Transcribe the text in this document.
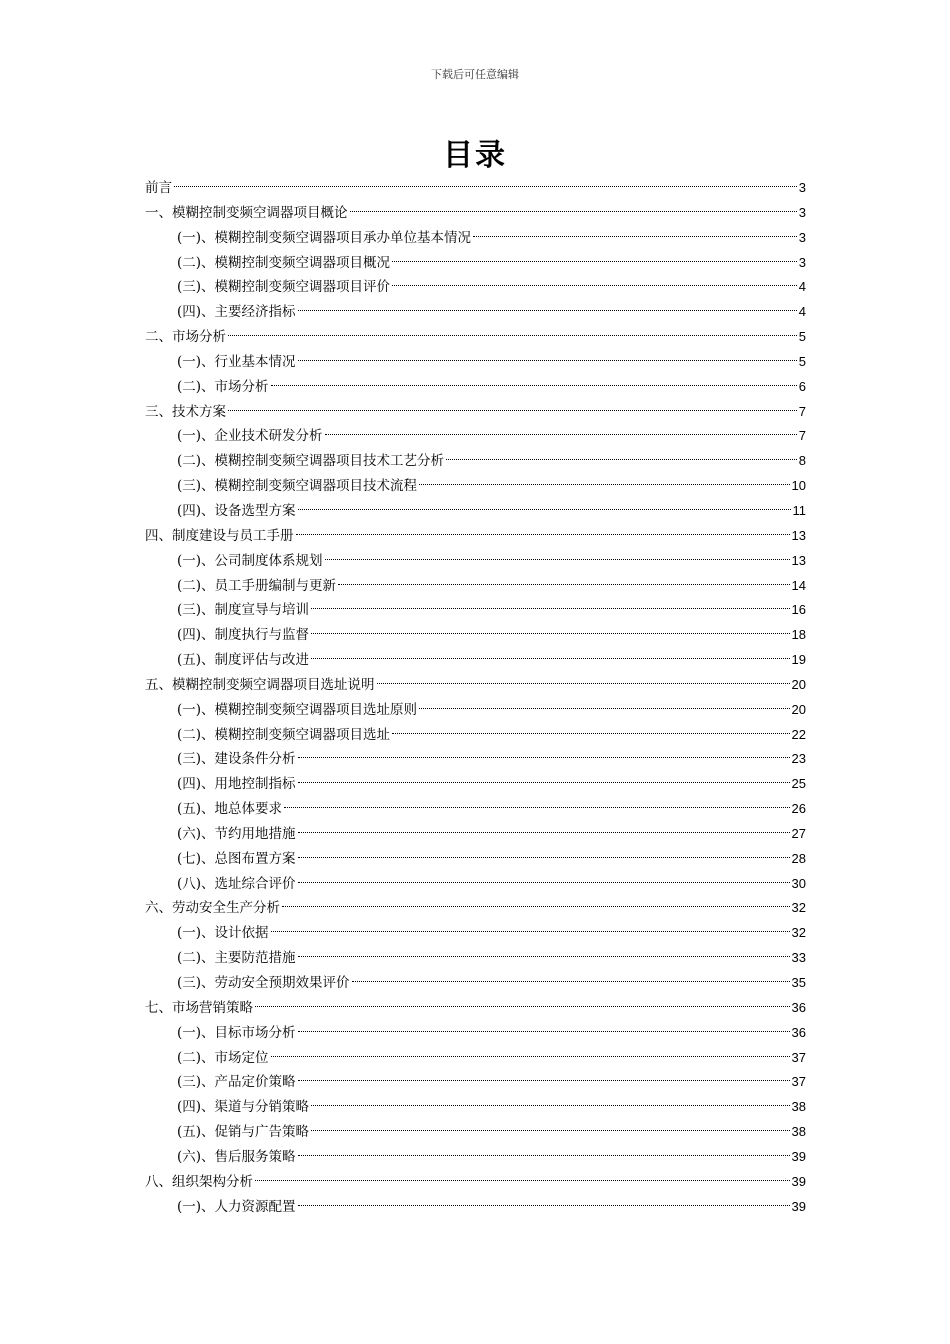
下载后可任意编辑
目录
前言	3
一、模糊控制变频空调器项目概论	3
(一)、模糊控制变频空调器项目承办单位基本情况	3
(二)、模糊控制变频空调器项目概况	3
(三)、模糊控制变频空调器项目评价	4
(四)、主要经济指标	4
二、市场分析	5
(一)、行业基本情况	5
(二)、市场分析	6
三、技术方案	7
(一)、企业技术研发分析	7
(二)、模糊控制变频空调器项目技术工艺分析	8
(三)、模糊控制变频空调器项目技术流程	10
(四)、设备选型方案	11
四、制度建设与员工手册	13
(一)、公司制度体系规划	13
(二)、员工手册编制与更新	14
(三)、制度宣导与培训	16
(四)、制度执行与监督	18
(五)、制度评估与改进	19
五、模糊控制变频空调器项目选址说明	20
(一)、模糊控制变频空调器项目选址原则	20
(二)、模糊控制变频空调器项目选址	22
(三)、建设条件分析	23
(四)、用地控制指标	25
(五)、地总体要求	26
(六)、节约用地措施	27
(七)、总图布置方案	28
(八)、选址综合评价	30
六、劳动安全生产分析	32
(一)、设计依据	32
(二)、主要防范措施	33
(三)、劳动安全预期效果评价	35
七、市场营销策略	36
(一)、目标市场分析	36
(二)、市场定位	37
(三)、产品定价策略	37
(四)、渠道与分销策略	38
(五)、促销与广告策略	38
(六)、售后服务策略	39
八、组织架构分析	39
(一)、人力资源配置	39
